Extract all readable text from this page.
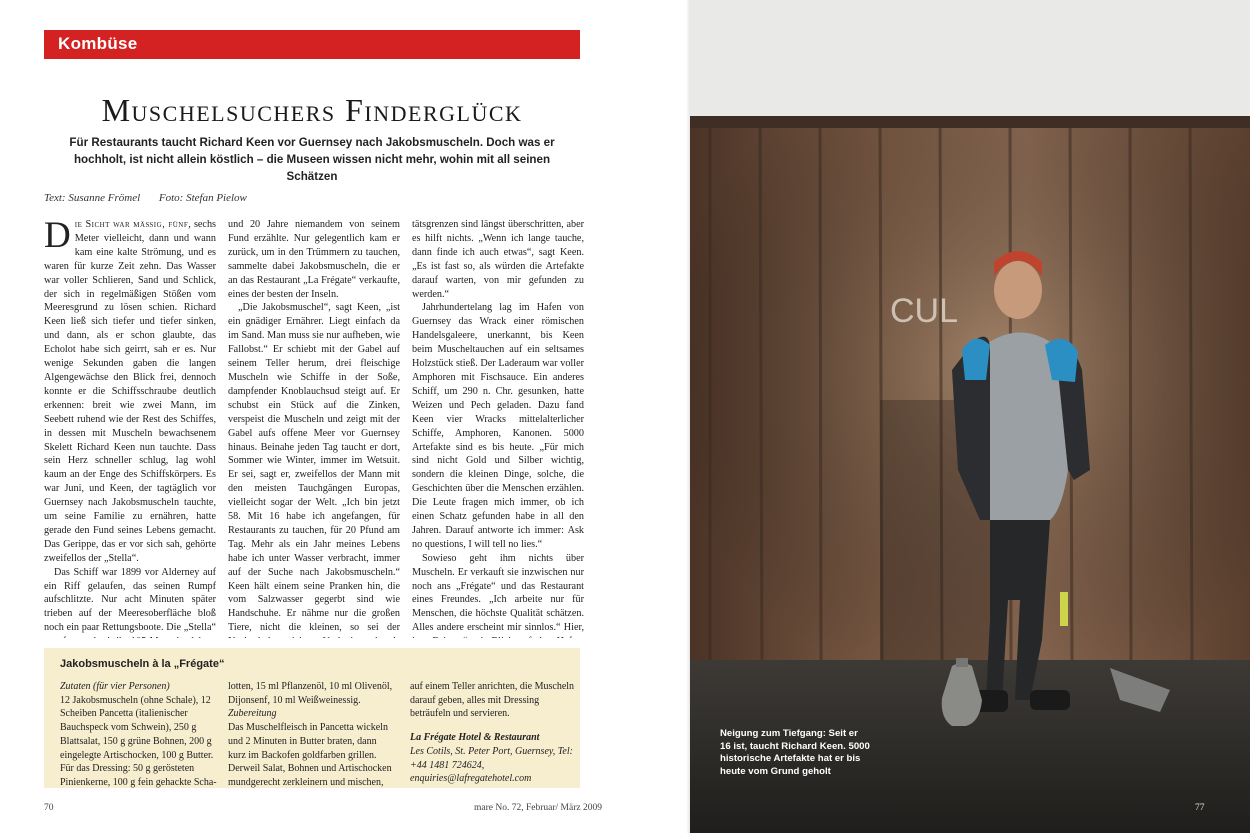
Kombüse
Muschelsuchers Finderglück
Für Restaurants taucht Richard Keen vor Guernsey nach Jakobsmuscheln. Doch was er hochholt, ist nicht allein köstlich – die Museen wissen nicht mehr, wohin mit all seinen Schätzen
Text: Susanne Frömel Foto: Stefan Pielow

Die Sicht war mäßig, fünf, sechs Meter vielleicht, dann und wann kam eine kalte Strömung, und es waren für kurze Zeit zehn. Das Wasser war voller Schlieren, Sand und Schlick, der sich in regelmäßigen Stößen vom Meeresgrund zu lösen schien. Richard Keen ließ sich tiefer und tiefer sinken, und dann, als er schon glaubte, das Echolot habe sich geirrt, sah er es. Nur wenige Sekunden gaben die langen Algengewächse den Blick frei, dennoch konnte er die Schiffsschraube deutlich erkennen: breit wie zwei Mann, im Seebett ruhend wie der Rest des Schiffes, in dessen mit Muscheln bewachsenem Skelett Richard Keen nun tauchte. Dass sein Herz schneller schlug, lag wohl kaum an der Enge des Schiffskörpers. Es war Juni, und Keen, der tagtäglich vor Guernsey nach Jakobsmuscheln tauchte, um seine Familie zu ernähren, hatte gerade den Fund seines Lebens gemacht. Das Gerippe, das er vor sich sah, gehörte zweifellos der „Stella“.

Das Schiff war 1899 vor Alderney auf ein Riff gelaufen, das seinen Rumpf aufschlitzte. Nur acht Minuten später trieben auf der Meeresoberfläche bloß noch ein paar Rettungsboote. Die „Stella“

und 20 Jahre niemandem von seinem Fund erzählte. Nur gelegentlich kam er zurück, um in den Trümmern zu tauchen, sammelte dabei Jakobsmuscheln, die er an das Restaurant „La Frégate“ verkaufte, eines der besten der Inseln.

„Die Jakobsmuschel“, sagt Keen, „ist ein gnädiger Ernährer. Liegt einfach da im Sand. Man muss sie nur aufheben, wie Fallobst.“ Er schiebt mit der Gabel auf seinem Teller herum, drei fleischige Muscheln wie Schiffe in der Soße, dampfender Knoblauchsud steigt auf. Er schubst ein Stück auf die Zinken, verspeist die Muscheln und zeigt mit der Gabel aufs offene Meer vor Guernsey hinaus. Beinahe jeden Tag taucht er dort, Sommer wie Winter, immer im Wetsuit. Er sei, sagt er, zweifellos der Mann mit den meisten Tauchgängen Europas, vielleicht sogar der Welt. „Ich bin jetzt 58. Mit 16 habe ich angefangen, für Restaurants zu tauchen, für 20 Pfund am Tag. Mehr als ein Jahr meines Lebens habe ich unter Wasser verbracht, immer auf der Suche nach Jakobsmuscheln.“ Keen hält einem seine Pranken hin, die vom Salzwasser gegerbt sind wie Handschuhe. Er nähme nur die großen Tiere, nicht die kleinen, so sei der

tätsgrenzen sind längst überschritten, aber es hilft nichts. „Wenn ich lange tauche, dann finde ich auch etwas“, sagt Keen. „Es ist fast so, als würden die Artefakte darauf warten, von mir gefunden zu werden.“

Jahrhundertelang lag im Hafen von Guernsey das Wrack einer römischen Handelsgaleere, unerkannt, bis Keen beim Muscheltauchen auf ein seltsames Holzstück stieß. Der Laderaum war voller Amphoren mit Fischsauce. Ein anderes Schiff, um 290 n. Chr. gesunken, hatte Weizen und Pech geladen. Dazu fand Keen vier Wracks mittelalterlicher Schiffe, Amphoren, Kanonen. 5000 Artefakte sind es bis heute. „Für mich sind nicht Gold und Silber wichtig, sondern die kleinen Dinge, solche, die Geschichten über die Menschen erzählen. Die Leute fragen mich immer, ob ich einen Schatz gefunden habe in all den Jahren. Darauf antworte ich immer: Ask no questions, I will tell no lies.“

Sowieso geht ihm nichts über Muscheln. Er verkauft sie inzwischen nur noch ans „Frégate“ und das Restaurant eines Freundes. „Ich arbeite nur für Menschen, die höchste Qualität schätzen. Alles andere erscheint mir sinnlos.“ Hier,

Jakobsmuscheln à la „Frégate“
Zutaten (für vier Personen)
12 Jakobsmuscheln (ohne Schale), 12 Scheiben Pancetta (italienischer Bauchspeck vom Schwein), 250 g Blattsalat, 150 g grüne Bohnen, 200 g eingelegte Artischocken, 100 g Butter. Für das Dressing: 50 g gerösteten Pinienkerne, 100 g fein gehackte Scha-
lotten, 15 ml Pflanzenöl, 10 ml Olivenöl, Dijonsenf, 10 ml Weißweinessig.
Zubereitung
Das Muschelfleisch in Pancetta wickeln und 2 Minuten in Butter braten, dann kurz im Backofen goldfarben grillen. Derweil Salat, Bohnen und Artischocken mundgerecht zerkleinern und mischen,
auf einem Teller anrichten, die Muscheln darauf geben, alles mit Dressing beträufeln und servieren.
La Frégate Hotel & Restaurant
Les Cotils, St. Peter Port, Guernsey, Tel: +44 1481 724624, enquiries@lafregatehotel.com
70	mare No. 72, Februar/ März 2009
CUL
77
Neigung zum Tiefgang: Seit er 16 ist, taucht Richard Keen. 5000 historische Artefakte hat er bis heute vom Grund geholt
